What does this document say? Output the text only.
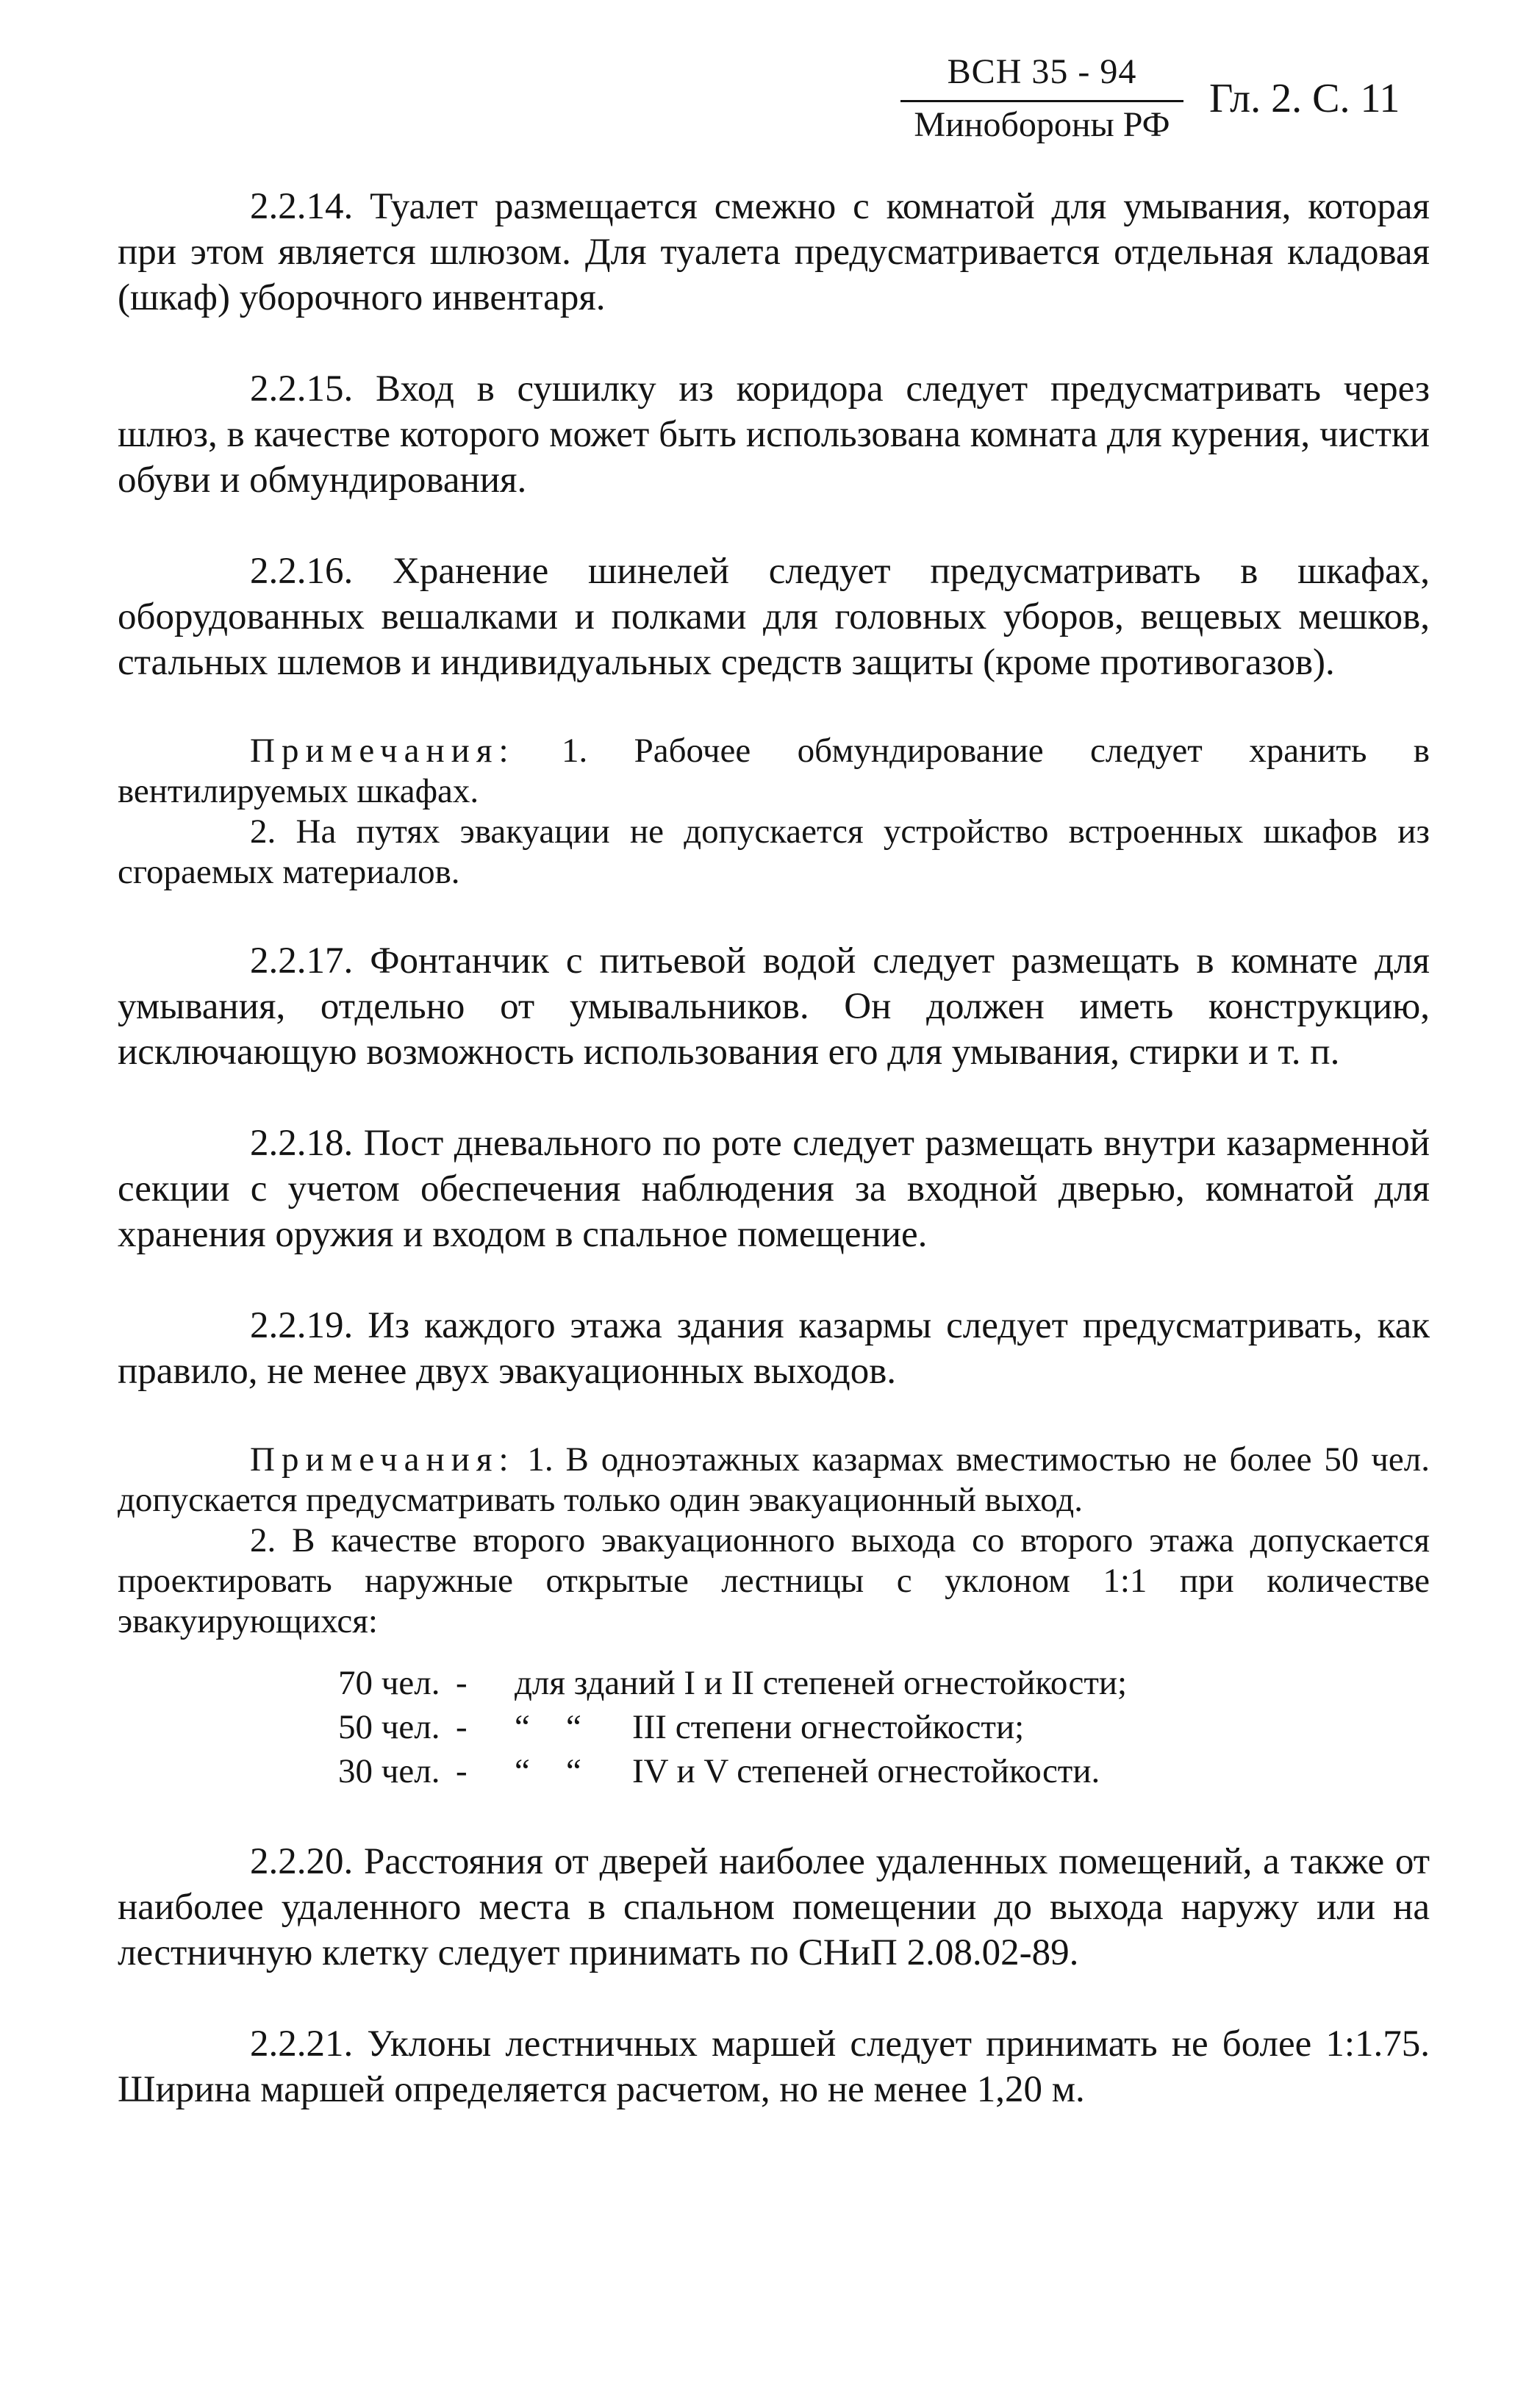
ВСН 35 - 94
Минобороны РФ
Гл. 2. С. 11

2.2.14. Туалет размещается смежно с комнатой для умывания, которая при этом является шлюзом. Для туалета предусматривается отдельная кладовая (шкаф) уборочного инвентаря.

2.2.15. Вход в сушилку из коридора следует предусматривать через шлюз, в качестве которого может быть использована комната для курения, чистки обуви и обмундирования.

2.2.16. Хранение шинелей следует предусматривать в шкафах, оборудованных вешалками и полками для головных уборов, вещевых мешков, стальных шлемов и индивидуальных средств защиты (кроме противогазов).

Примечания: 1. Рабочее обмундирование следует хранить в вентилируемых шкафах.

2. На путях эвакуации не допускается устройство встроенных шкафов из сгораемых материалов.

2.2.17. Фонтанчик с питьевой водой следует размещать в комнате для умывания, отдельно от умывальников. Он должен иметь конструкцию, исключающую возможность использования его для умывания, стирки и т. п.

2.2.18. Пост дневального по роте следует размещать внутри казарменной секции с учетом обеспечения наблюдения за входной дверью, комнатой для хранения оружия и входом в спальное помещение.

2.2.19. Из каждого этажа здания казармы следует предусматривать, как правило, не менее двух эвакуационных выходов.

Примечания: 1. В одноэтажных казармах вместимостью не более 50 чел. допускается предусматривать только один эвакуационный выход.

2. В качестве второго эвакуационного выхода со второго этажа допускается проектировать наружные открытые лестницы с уклоном 1:1 при количестве эвакуирующихся:

70 чел.	-	для зданий I и II степеней огнестойкости;		
50 чел.	-	“	“	III степени огнестойкости;
30 чел.	-	“	“	IV и V степеней огнестойкости.

2.2.20. Расстояния от дверей наиболее удаленных помещений, а также от наиболее удаленного места в спальном помещении до выхода наружу или на лестничную клетку следует принимать по СНиП 2.08.02-89.

2.2.21. Уклоны лестничных маршей следует принимать не более 1:1.75. Ширина маршей определяется расчетом, но не менее 1,20 м.
